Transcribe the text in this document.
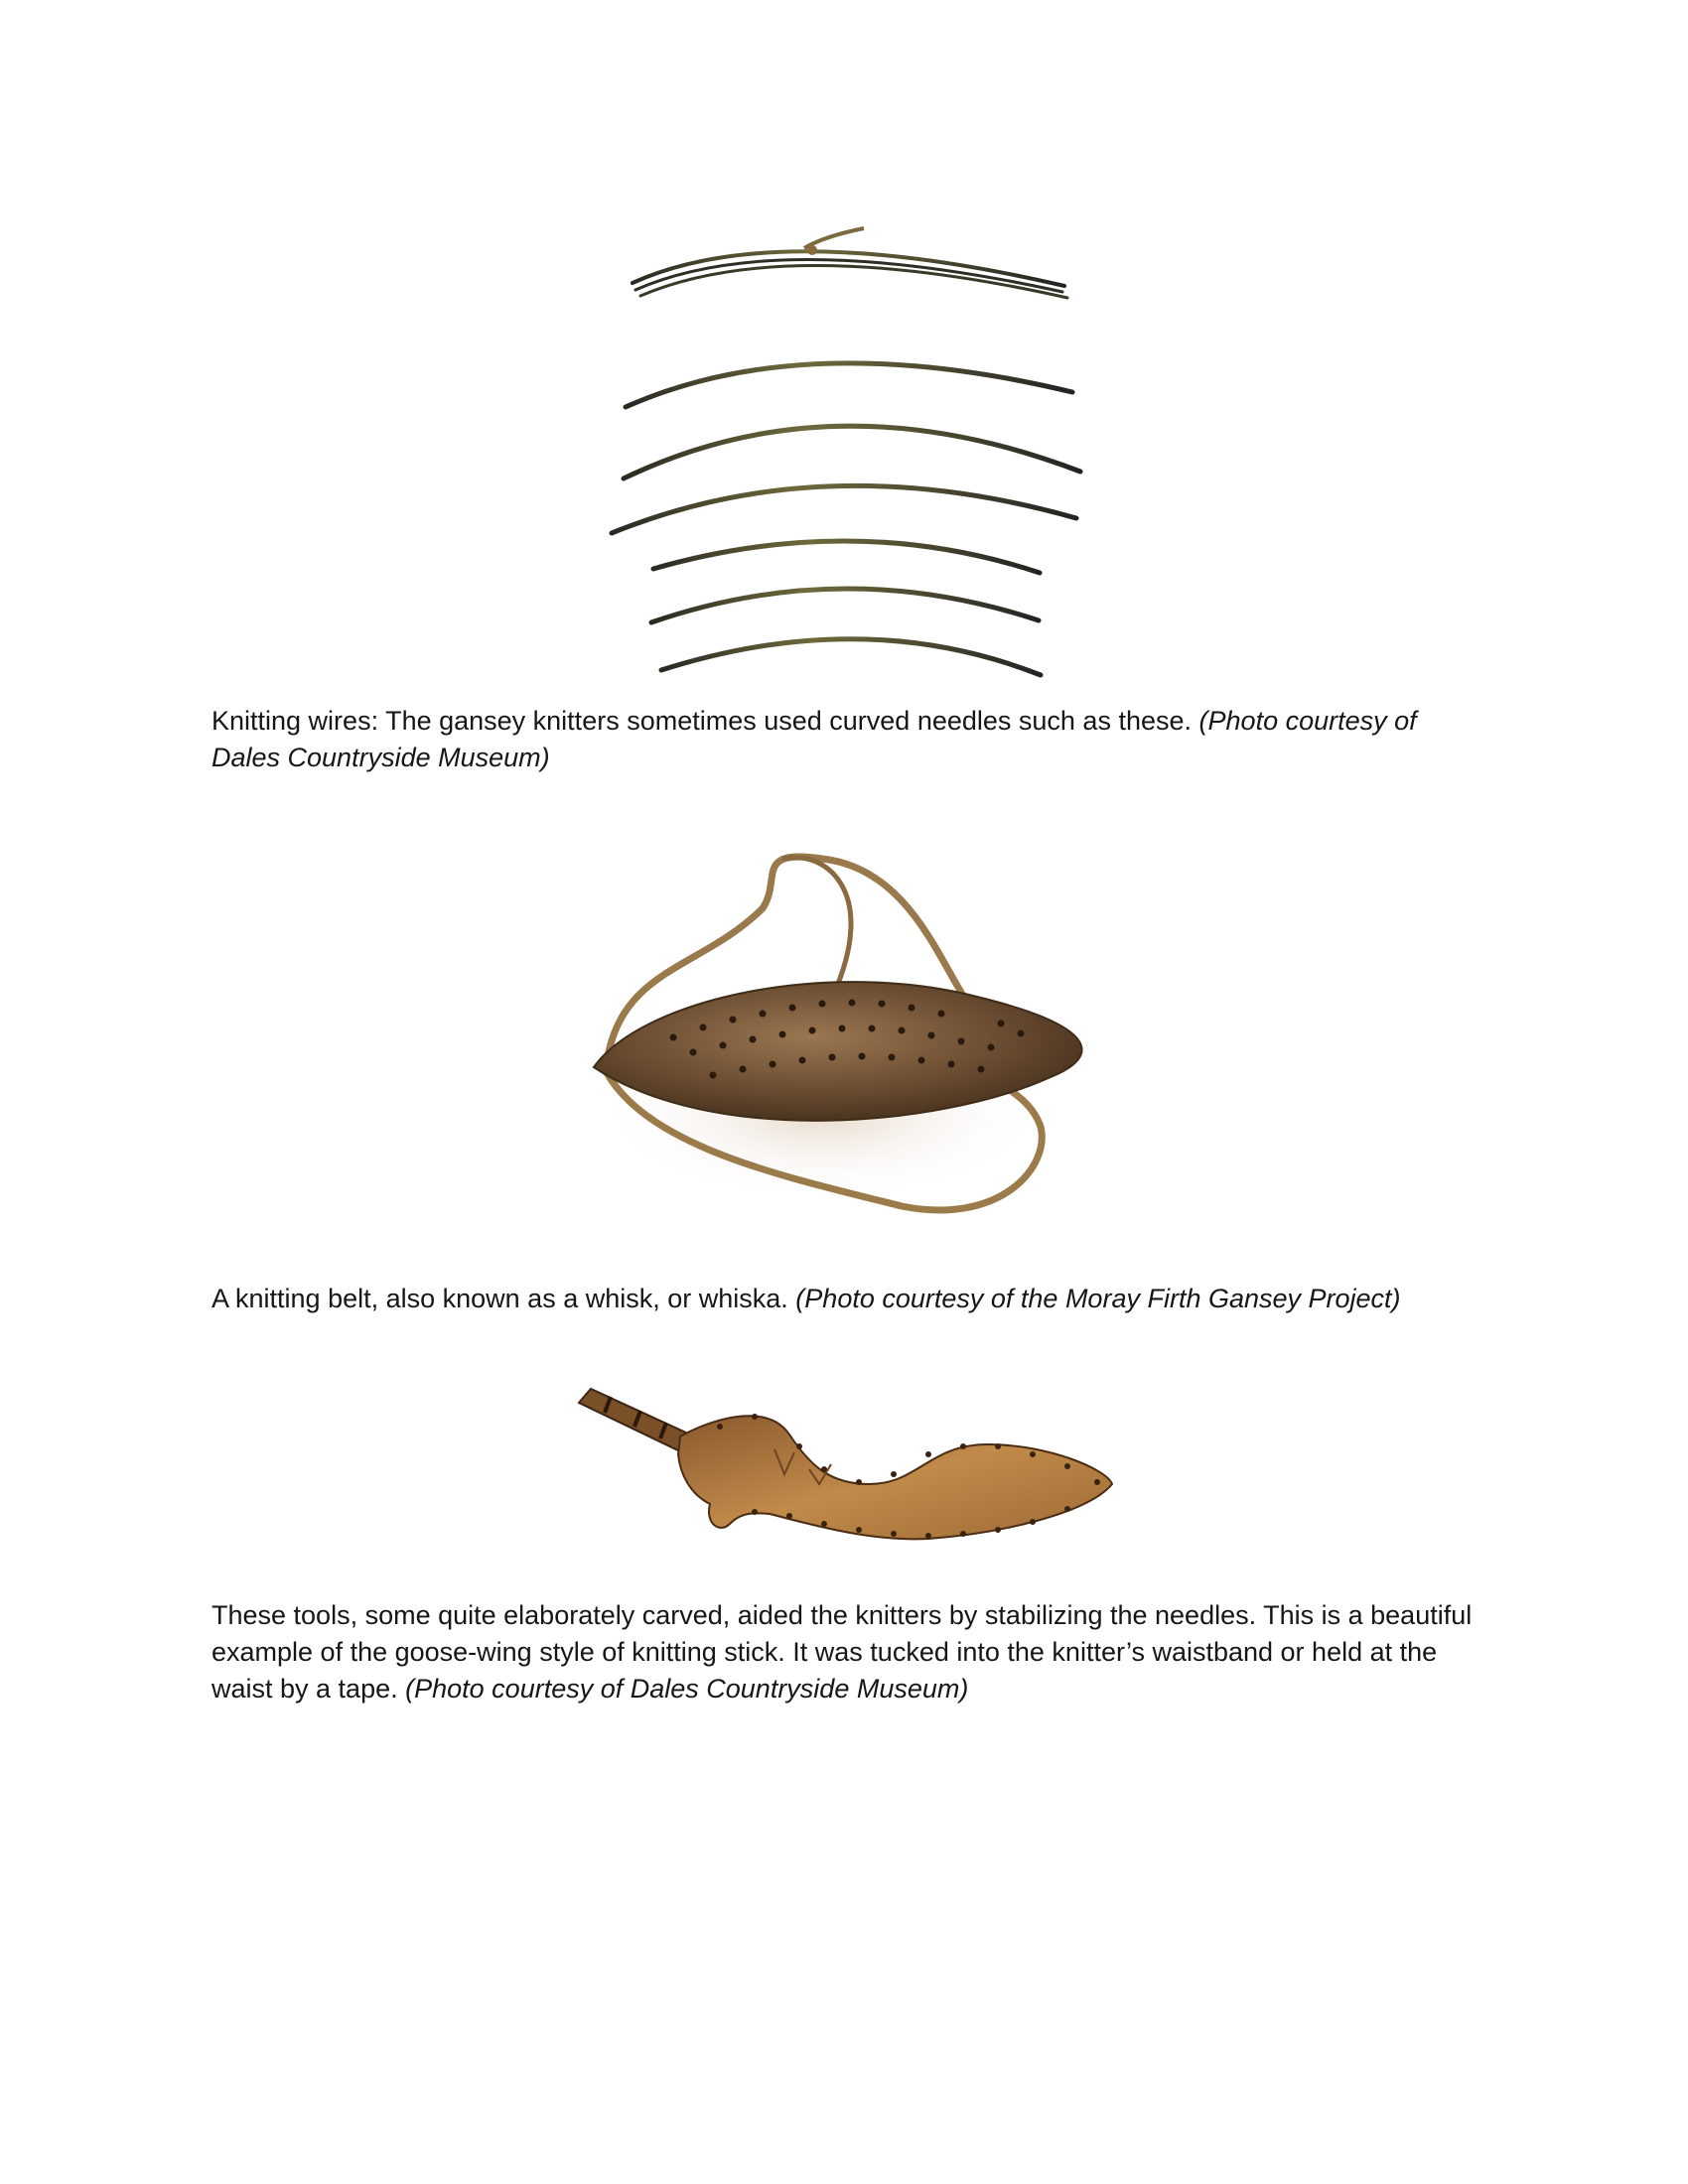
Knitting wires: The gansey knitters sometimes used curved needles such as these. (Photo courtesy of Dales Countryside Museum)
A knitting belt, also known as a whisk, or whiska. (Photo courtesy of the Moray Firth Gansey Project)
These tools, some quite elaborately carved, aided the knitters by stabilizing the needles. This is a beautiful example of the goose-wing style of knitting stick. It was tucked into the knitter’s waistband or held at the waist by a tape. (Photo courtesy of Dales Countryside Museum)
